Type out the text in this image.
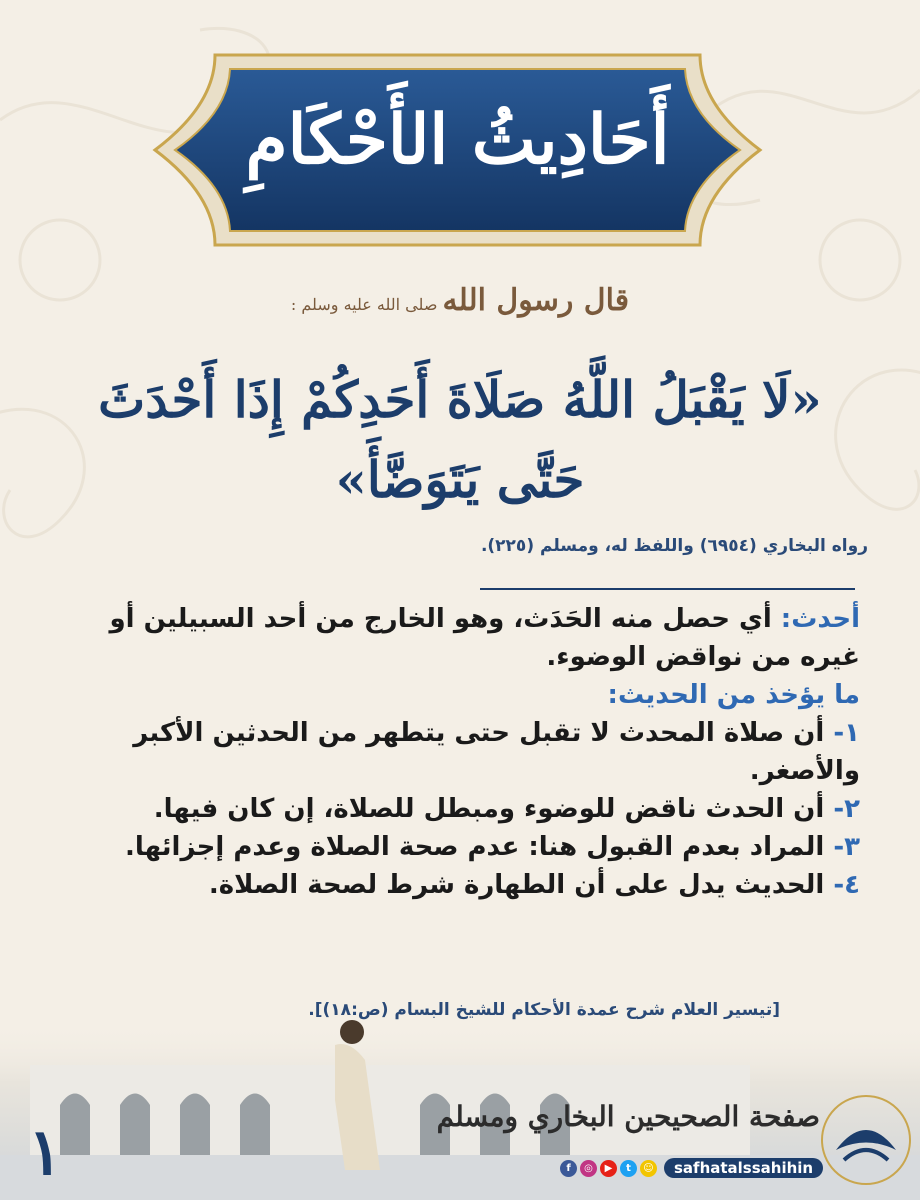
أَحَادِيثُ الأَحْكَامِ
قال رسول الله صلى الله عليه وسلم :
«لَا يَقْبَلُ اللَّهُ صَلَاةَ أَحَدِكُمْ إِذَا أَحْدَثَ
حَتَّى يَتَوَضَّأَ»
رواه البخاري (٦٩٥٤) واللفظ له، ومسلم (٢٢٥).

أحدث: أي حصل منه الحَدَث، وهو الخارج من أحد السبيلين أو غيره من نواقض الوضوء.

ما يؤخذ من الحديث:

١- أن صلاة المحدث لا تقبل حتى يتطهر من الحدثين الأكبر والأصغر.

٢- أن الحدث ناقض للوضوء ومبطل للصلاة، إن كان فيها.

٣- المراد بعدم القبول هنا: عدم صحة الصلاة وعدم إجزائها.

٤- الحديث يدل على أن الطهارة شرط لصحة الصلاة.

[تيسير العلام شرح عمدة الأحكام للشيخ البسام (ص:١٨)].
١	صفحة الصحيحين البخاري ومسلم
f	◎	▶	t	☺	safhatalssahihin
